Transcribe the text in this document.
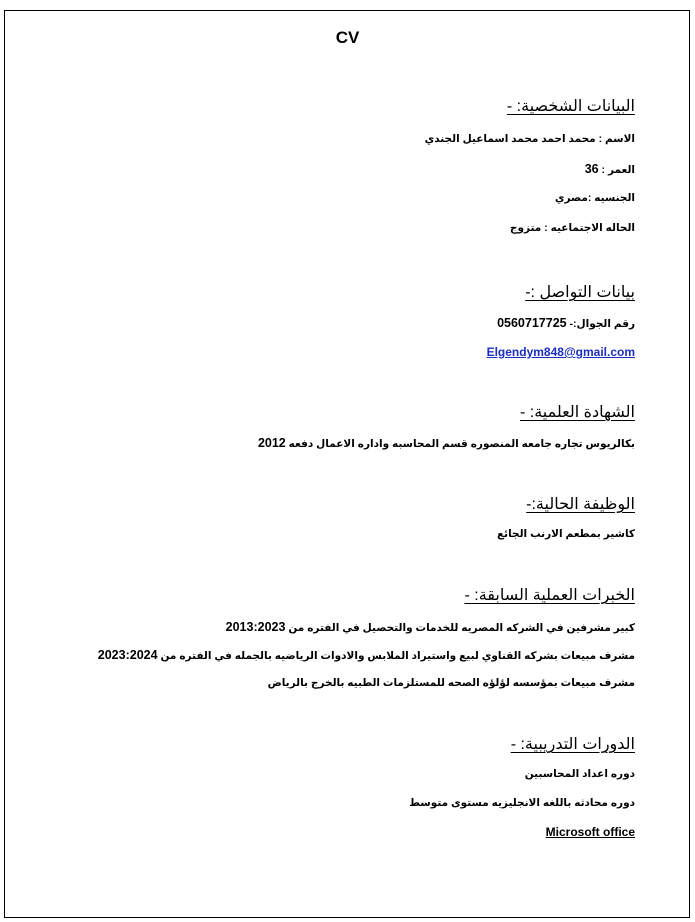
CV
البيانات الشخصية: -
الاسم : محمد احمد محمد اسماعيل الجندي
العمر : 36
الجنسيه :مصري
الحاله الاجتماعيه : متزوج
بيانات التواصل :-
رقم الجوال:- 0560717725
Elgendym848@gmail.com
الشهادة العلمية: -
بكالريوس تجاره جامعه المنصوره قسم المحاسبه واداره الاعمال دفعه 2012
الوظيفة الحالية:-
كاشير بمطعم الارنب الجائع
الخبرات العملية السابقة: -
كبير مشرفين في الشركه المصريه للخدمات والتحصيل في الفتره من 2013:2023
مشرف مبيعات بشركه القناوي لبيع واستيراد الملابس والادوات الرياضيه بالجمله في الفتره من 2023:2024
مشرف مبيعات بمؤسسه لؤلؤه الصحه للمستلزمات الطبيه بالخرج بالرياض
الدورات التدريبية: -
دوره اعداد المحاسبين
دوره محادثه باللغه الانجليزيه مستوى متوسط
Microsoft office
